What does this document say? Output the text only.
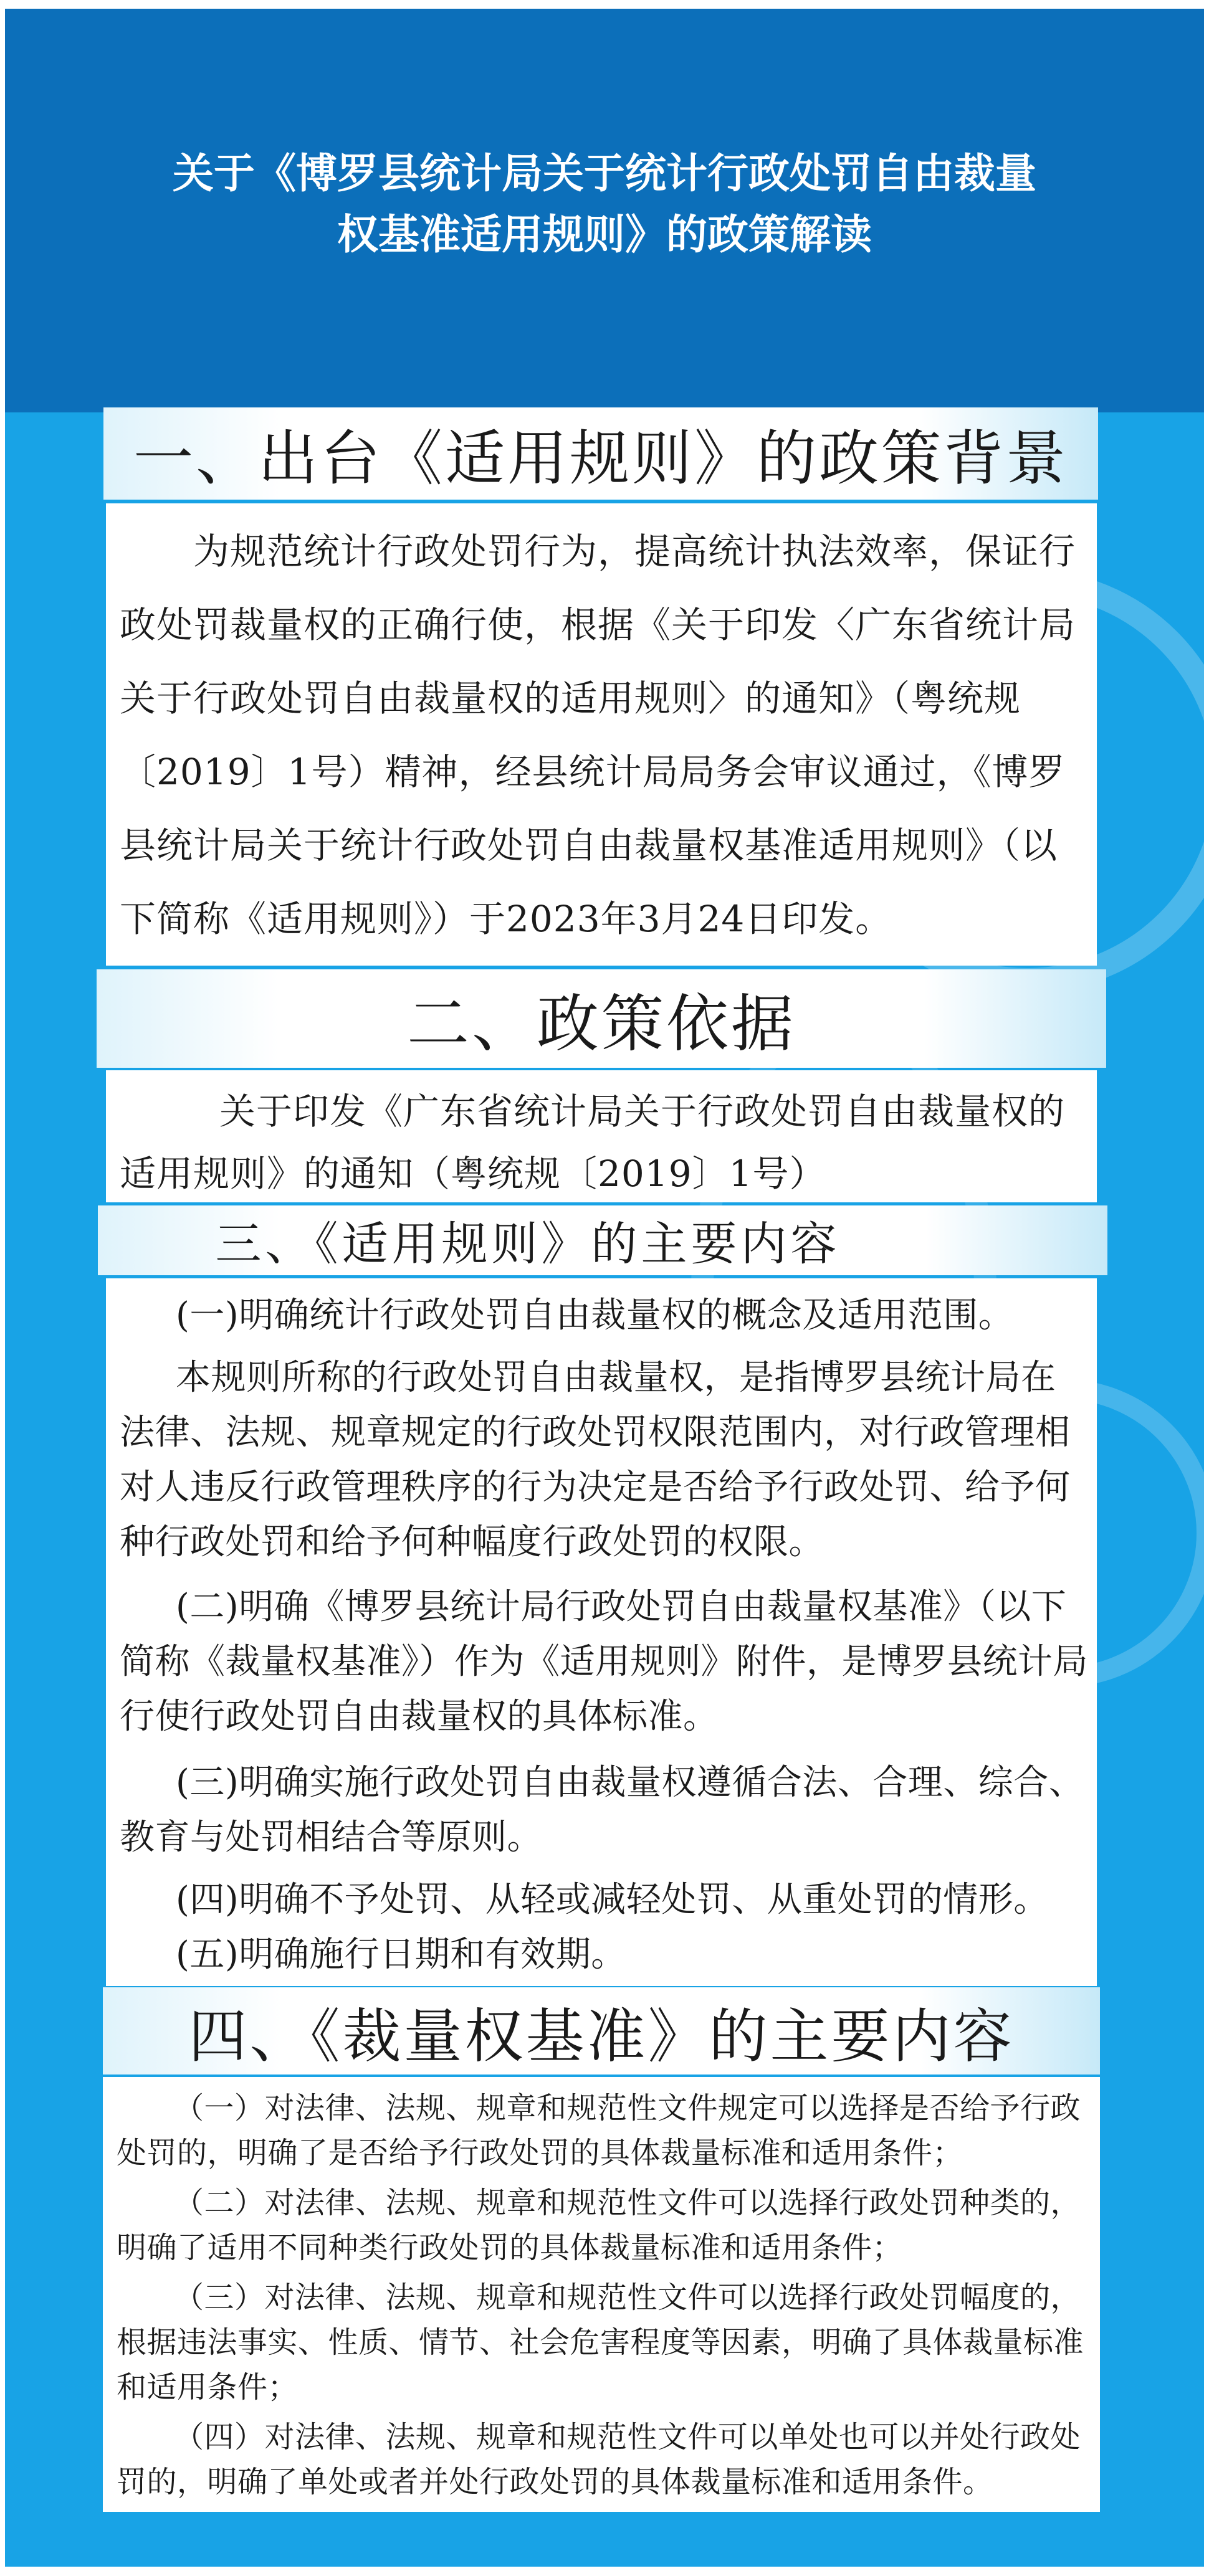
关于《博罗县统计局关于统计行政处罚自由裁量权基准适用规则》的政策解读
一、出台《适用规则》的政策背景

为规范统计行政处罚行为，提高统计执法效率，保证行政处罚裁量权的正确行使，根据《关于印发〈广东省统计局关于行政处罚自由裁量权的适用规则〉的通知》（粤统规〔2019〕1号）精神，经县统计局局务会审议通过，《博罗县统计局关于统计行政处罚自由裁量权基准适用规则》（以下简称《适用规则》）于2023年3月24日印发。

二、政策依据

关于印发《广东省统计局关于行政处罚自由裁量权的适用规则》的通知（粤统规〔2019〕1号）

三、《适用规则》的主要内容

(一)明确统计行政处罚自由裁量权的概念及适用范围。

本规则所称的行政处罚自由裁量权，是指博罗县统计局在法律、法规、规章规定的行政处罚权限范围内，对行政管理相对人违反行政管理秩序的行为决定是否给予行政处罚、给予何种行政处罚和给予何种幅度行政处罚的权限。

(二)明确《博罗县统计局行政处罚自由裁量权基准》（以下简称《裁量权基准》）作为《适用规则》附件，是博罗县统计局行使行政处罚自由裁量权的具体标准。

(三)明确实施行政处罚自由裁量权遵循合法、合理、综合、教育与处罚相结合等原则。

(四)明确不予处罚、从轻或减轻处罚、从重处罚的情形。

(五)明确施行日期和有效期。

四、《裁量权基准》的主要内容

（一）对法律、法规、规章和规范性文件规定可以选择是否给予行政处罚的，明确了是否给予行政处罚的具体裁量标准和适用条件；

（二）对法律、法规、规章和规范性文件可以选择行政处罚种类的，明确了适用不同种类行政处罚的具体裁量标准和适用条件；

（三）对法律、法规、规章和规范性文件可以选择行政处罚幅度的，根据违法事实、性质、情节、社会危害程度等因素，明确了具体裁量标准和适用条件；

（四）对法律、法规、规章和规范性文件可以单处也可以并处行政处罚的，明确了单处或者并处行政处罚的具体裁量标准和适用条件。
